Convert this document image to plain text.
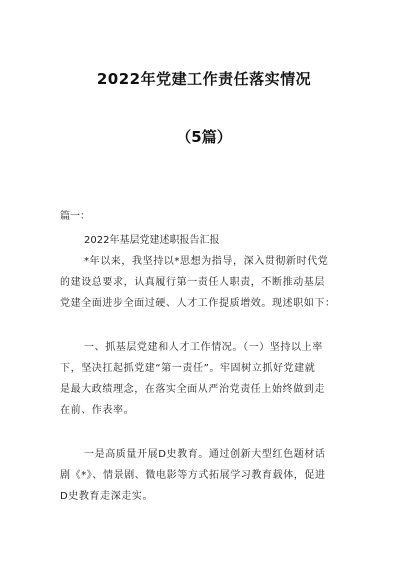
2022年党建工作责任落实情况
（5篇）
篇一：
2022年基层党建述职报告汇报
*年以来，我坚持以*思想为指导，深入贯彻新时代党
的建设总要求，认真履行第一责任人职责，不断推动基层
党建全面进步全面过硬、人才工作提质增效。现述职如下：
一、抓基层党建和人才工作情况。（一）坚持以上率
下，坚决扛起抓党建“第一责任”。牢固树立抓好党建就
是最大政绩理念，在落实全面从严治党责任上始终做到走
在前、作表率。
一是高质量开展D史教育。通过创新大型红色题材话
剧《*》、情景剧、微电影等方式拓展学习教育载体，促进
D史教育走深走实。
